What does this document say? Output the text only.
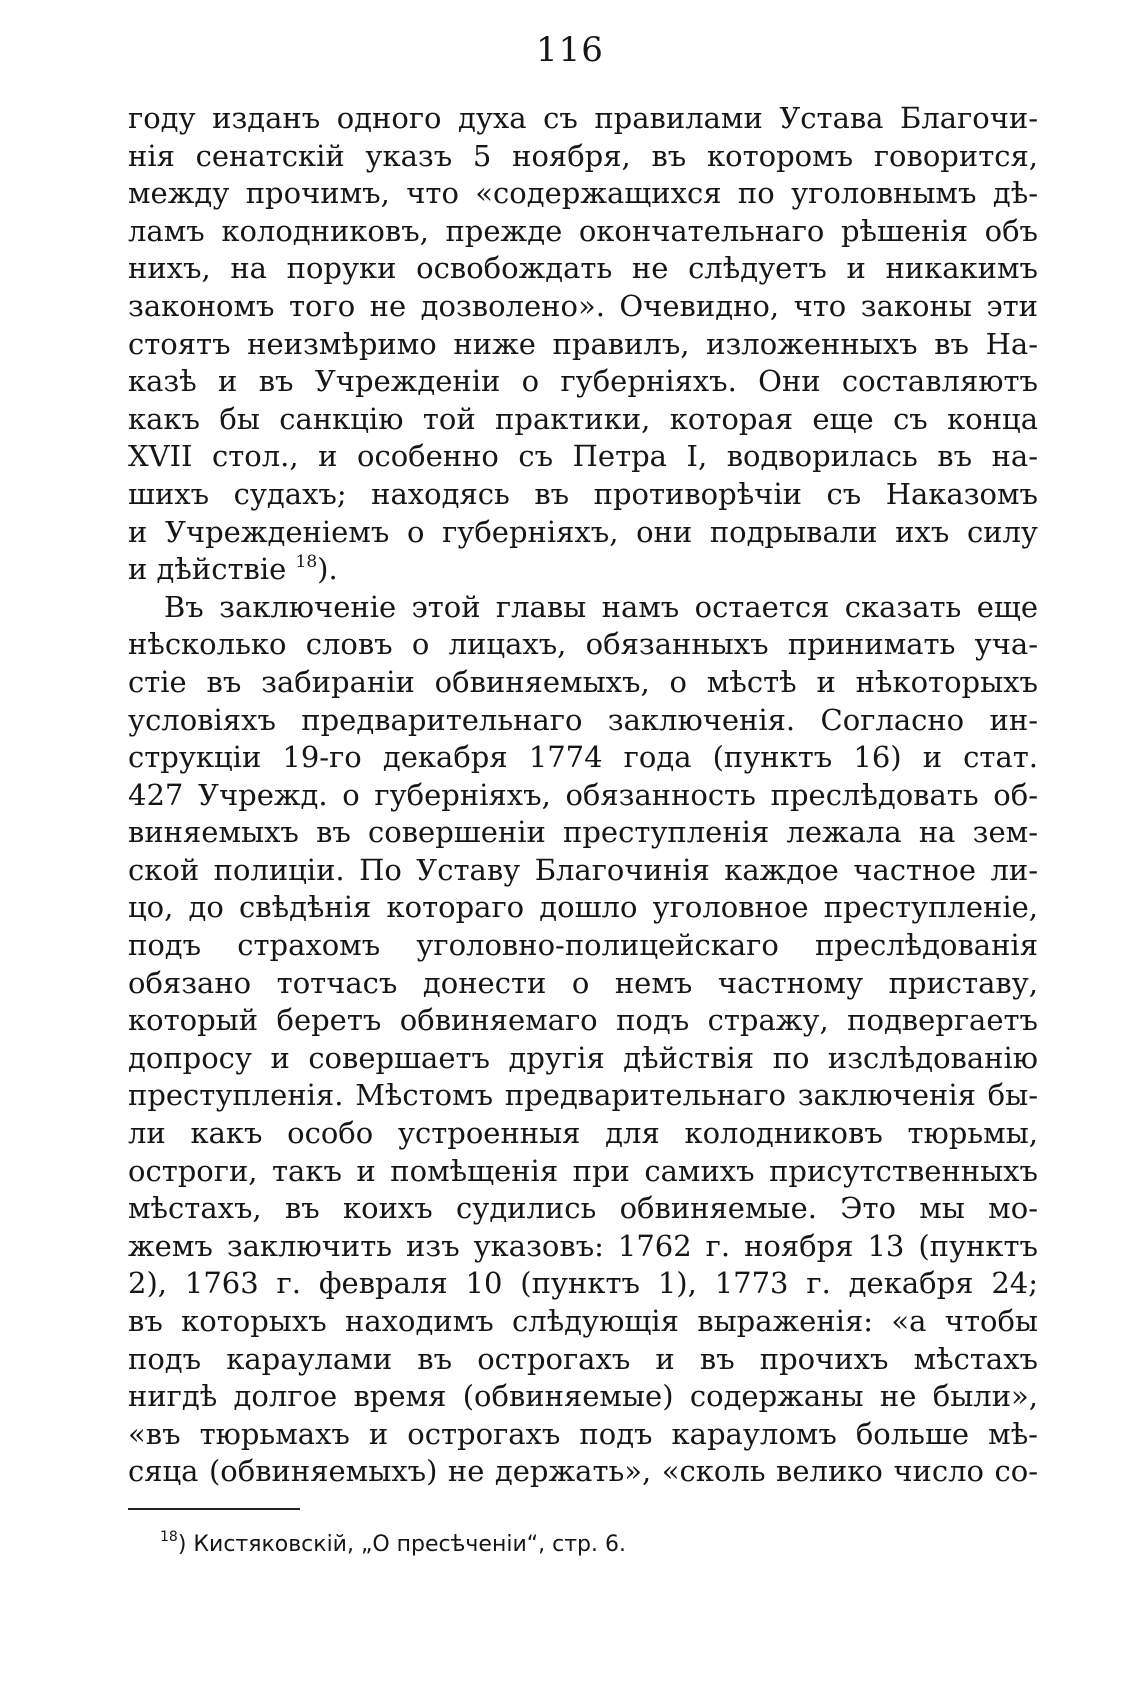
116
году изданъ одного духа съ правилами Устава Благочи-
нія сенатскій указъ 5 ноября, въ которомъ говорится,
между прочимъ, что «содержащихся по уголовнымъ дѣ-
ламъ колодниковъ, прежде окончательнаго рѣшенія объ
нихъ, на поруки освобождать не слѣдуетъ и никакимъ
закономъ того не дозволено». Очевидно, что законы эти
стоятъ неизмѣримо ниже правилъ, изложенныхъ въ На-
казѣ и въ Учрежденіи о губерніяхъ. Они составляютъ
какъ бы санкцію той практики, которая еще съ конца
XVII стол., и особенно съ Петра I, водворилась въ на-
шихъ судахъ; находясь въ противорѣчіи съ Наказомъ
и Учрежденіемъ о губерніяхъ, они подрывали ихъ силу
и дѣйствіе $^{18}$).
Въ заключеніе этой главы намъ остается сказать еще
нѣсколько словъ о лицахъ, обязанныхъ принимать уча-
стіе въ забираніи обвиняемыхъ, о мѣстѣ и нѣкоторыхъ
условіяхъ предварительнаго заключенія. Согласно ин-
струкціи 19-го декабря 1774 года (пунктъ 16) и стат.
427 Учрежд. о губерніяхъ, обязанность преслѣдовать об-
виняемыхъ въ совершеніи преступленія лежала на зем-
ской полиціи. По Уставу Благочинія каждое частное ли-
цо, до свѣдѣнія котораго дошло уголовное преступленіе,
подъ страхомъ уголовно-полицейскаго преслѣдованія
обязано тотчасъ донести о немъ частному приставу,
который беретъ обвиняемаго подъ стражу, подвергаетъ
допросу и совершаетъ другія дѣйствія по изслѣдованію
преступленія. Мѣстомъ предварительнаго заключенія бы-
ли какъ особо устроенныя для колодниковъ тюрьмы,
остроги, такъ и помѣщенія при самихъ присутственныхъ
мѣстахъ, въ коихъ судились обвиняемые. Это мы мо-
жемъ заключить изъ указовъ: 1762 г. ноября 13 (пунктъ
2), 1763 г. февраля 10 (пунктъ 1), 1773 г. декабря 24;
въ которыхъ находимъ слѣдующія выраженія: «а чтобы
подъ караулами въ острогахъ и въ прочихъ мѣстахъ
нигдѣ долгое время (обвиняемые) содержаны не были»,
«въ тюрьмахъ и острогахъ подъ карауломъ больше мѣ-
сяца (обвиняемыхъ) не держать», «сколь велико число со-
$^{18}$) Кистяковскій, „О пресѣченіи“, стр. 6.
